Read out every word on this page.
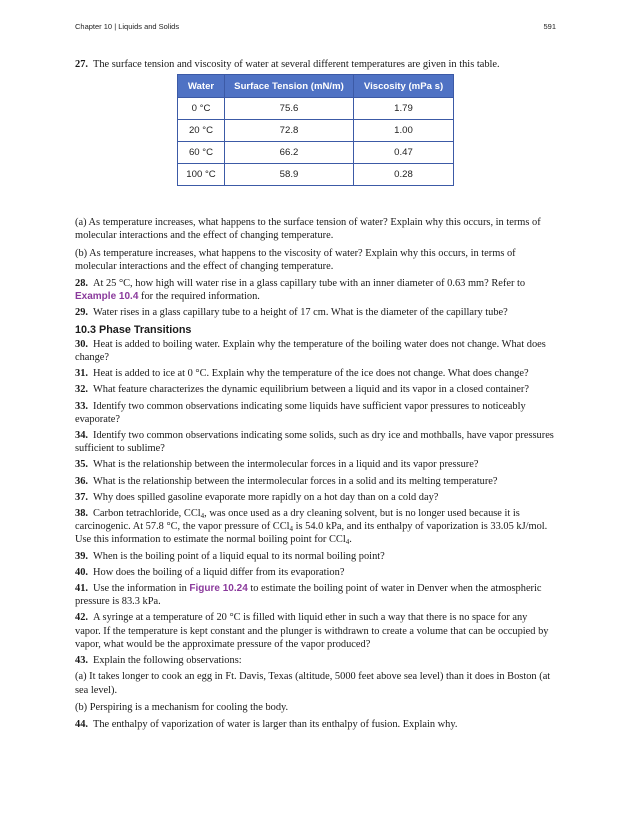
Chapter 10 | Liquids and Solids	591
27. The surface tension and viscosity of water at several different temperatures are given in this table.
Water	Surface Tension (mN/m)	Viscosity (mPa s)
0 °C	75.6	1.79
20 °C	72.8	1.00
60 °C	66.2	0.47
100 °C	58.9	0.28

(a) As temperature increases, what happens to the surface tension of water? Explain why this occurs, in terms of molecular interactions and the effect of changing temperature.

(b) As temperature increases, what happens to the viscosity of water? Explain why this occurs, in terms of molecular interactions and the effect of changing temperature.

28. At 25 °C, how high will water rise in a glass capillary tube with an inner diameter of 0.63 mm? Refer to Example 10.4 for the required information.
29. Water rises in a glass capillary tube to a height of 17 cm. What is the diameter of the capillary tube?
10.3 Phase Transitions
30. Heat is added to boiling water. Explain why the temperature of the boiling water does not change. What does change?
31. Heat is added to ice at 0 °C. Explain why the temperature of the ice does not change. What does change?
32. What feature characterizes the dynamic equilibrium between a liquid and its vapor in a closed container?
33. Identify two common observations indicating some liquids have sufficient vapor pressures to noticeably evaporate?
34. Identify two common observations indicating some solids, such as dry ice and mothballs, have vapor pressures sufficient to sublime?
35. What is the relationship between the intermolecular forces in a liquid and its vapor pressure?
36. What is the relationship between the intermolecular forces in a solid and its melting temperature?
37. Why does spilled gasoline evaporate more rapidly on a hot day than on a cold day?
38. Carbon tetrachloride, CCl$_4$, was once used as a dry cleaning solvent, but is no longer used because it is carcinogenic. At 57.8 °C, the vapor pressure of CCl$_4$ is 54.0 kPa, and its enthalpy of vaporization is 33.05 kJ/mol. Use this information to estimate the normal boiling point for CCl$_4$.
39. When is the boiling point of a liquid equal to its normal boiling point?
40. How does the boiling of a liquid differ from its evaporation?
41. Use the information in Figure 10.24 to estimate the boiling point of water in Denver when the atmospheric pressure is 83.3 kPa.
42. A syringe at a temperature of 20 °C is filled with liquid ether in such a way that there is no space for any vapor. If the temperature is kept constant and the plunger is withdrawn to create a volume that can be occupied by vapor, what would be the approximate pressure of the vapor produced?
43. Explain the following observations:

(a) It takes longer to cook an egg in Ft. Davis, Texas (altitude, 5000 feet above sea level) than it does in Boston (at sea level).

(b) Perspiring is a mechanism for cooling the body.

44. The enthalpy of vaporization of water is larger than its enthalpy of fusion. Explain why.
